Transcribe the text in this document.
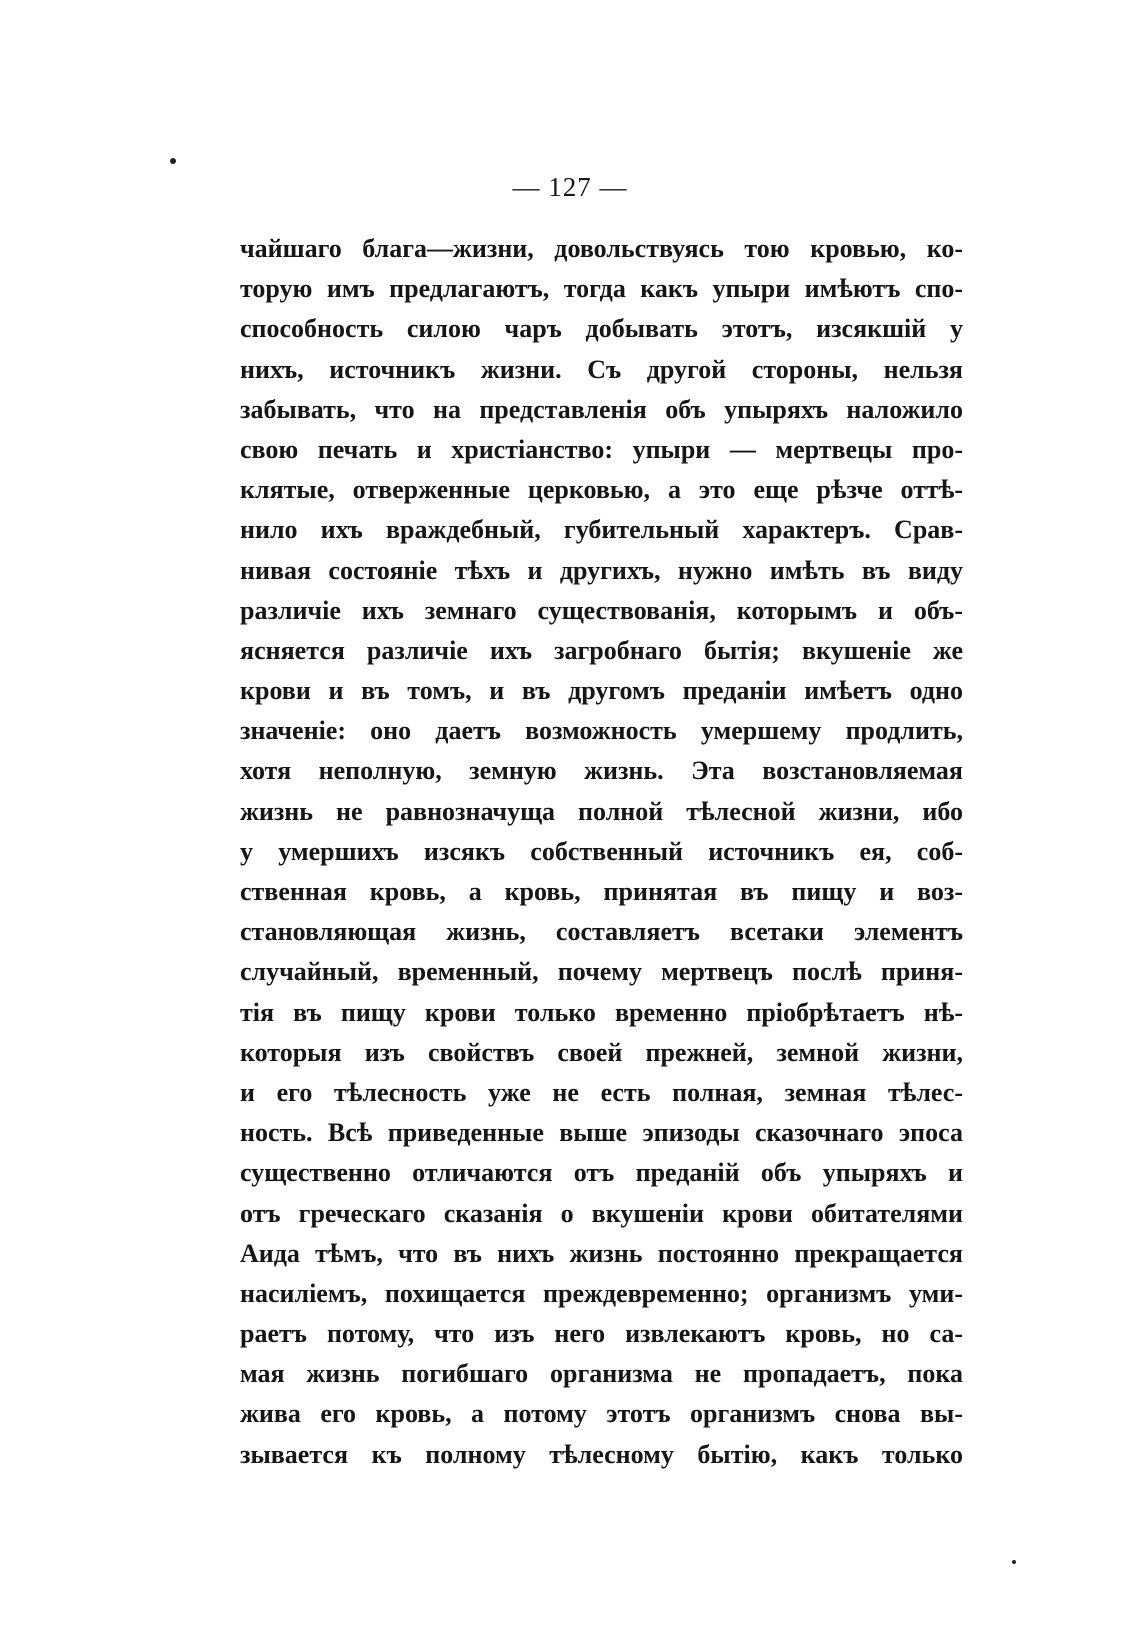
— 127 —
чайшаго блага—жизни, довольствуясь тою кровью, ко-
торую имъ предлагаютъ, тогда какъ упыри имѣютъ спо-
способность силою чаръ добывать этотъ, изсякшій у
нихъ, источникъ жизни. Съ другой стороны, нельзя
забывать, что на представленія объ упыряхъ наложило
свою печать и христіанство: упыри — мертвецы про-
клятые, отверженные церковью, а это еще рѣзче оттѣ-
нило ихъ враждебный, губительный характеръ. Срав-
нивая состояніе тѣхъ и другихъ, нужно имѣть въ виду
различіе ихъ земнаго существованія, которымъ и объ-
ясняется различіе ихъ загробнаго бытія; вкушеніе же
крови и въ томъ, и въ другомъ преданіи имѣетъ одно
значеніе: оно даетъ возможность умершему продлить,
хотя неполную, земную жизнь. Эта возстановляемая
жизнь не равнозначуща полной тѣлесной жизни, ибо
у умершихъ изсякъ собственный источникъ ея, соб-
ственная кровь, а кровь, принятая въ пищу и воз-
становляющая жизнь, составляетъ всетаки элементъ
случайный, временный, почему мертвецъ послѣ приня-
тія въ пищу крови только временно пріобрѣтаетъ нѣ-
которыя изъ свойствъ своей прежней, земной жизни,
и его тѣлесность уже не есть полная, земная тѣлес-
ность. Всѣ приведенные выше эпизоды сказочнаго эпоса
существенно отличаются отъ преданій объ упыряхъ и
отъ греческаго сказанія о вкушеніи крови обитателями
Аида тѣмъ, что въ нихъ жизнь постоянно прекращается
насиліемъ, похищается преждевременно; организмъ уми-
раетъ потому, что изъ него извлекаютъ кровь, но са-
мая жизнь погибшаго организма не пропадаетъ, пока
жива его кровь, а потому этотъ организмъ снова вы-
зывается къ полному тѣлесному бытію, какъ только
